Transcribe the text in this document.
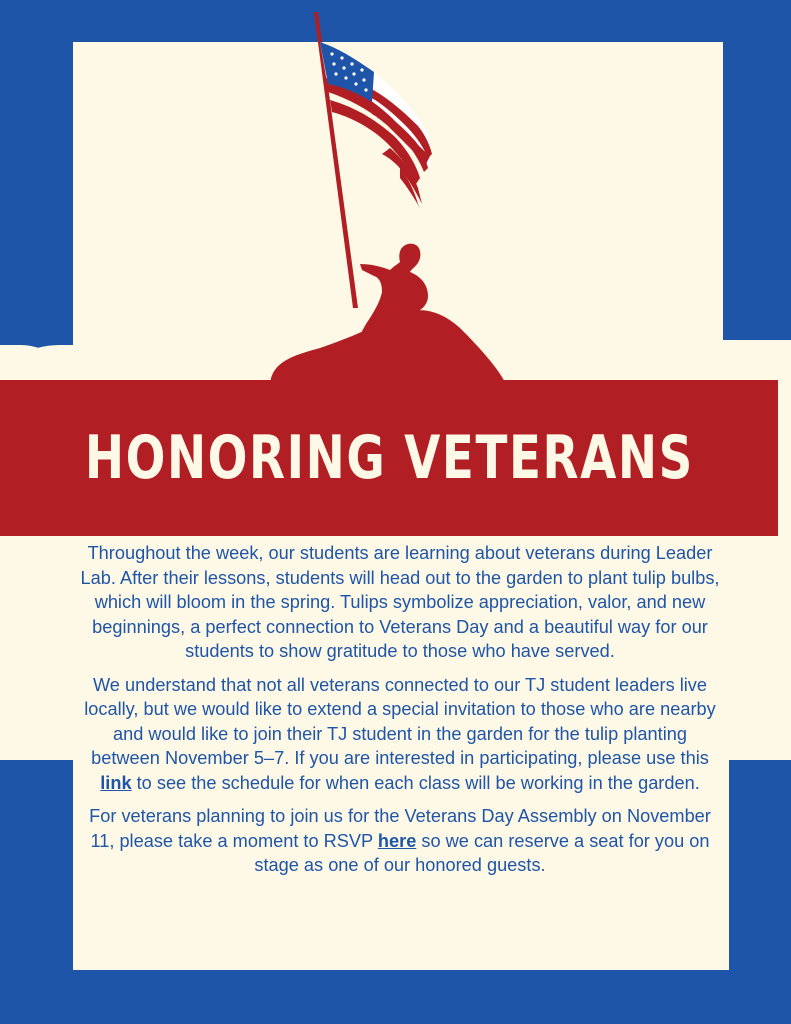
HONORING VETERANS

Throughout the week, our students are learning about veterans during Leader Lab. After their lessons, students will head out to the garden to plant tulip bulbs, which will bloom in the spring. Tulips symbolize appreciation, valor, and new beginnings, a perfect connection to Veterans Day and a beautiful way for our students to show gratitude to those who have served.

We understand that not all veterans connected to our TJ student leaders live locally, but we would like to extend a special invitation to those who are nearby and would like to join their TJ student in the garden for the tulip planting between November 5–7. If you are interested in participating, please use this link to see the schedule for when each class will be working in the garden.

For veterans planning to join us for the Veterans Day Assembly on November 11, please take a moment to RSVP here so we can reserve a seat for you on stage as one of our honored guests.
